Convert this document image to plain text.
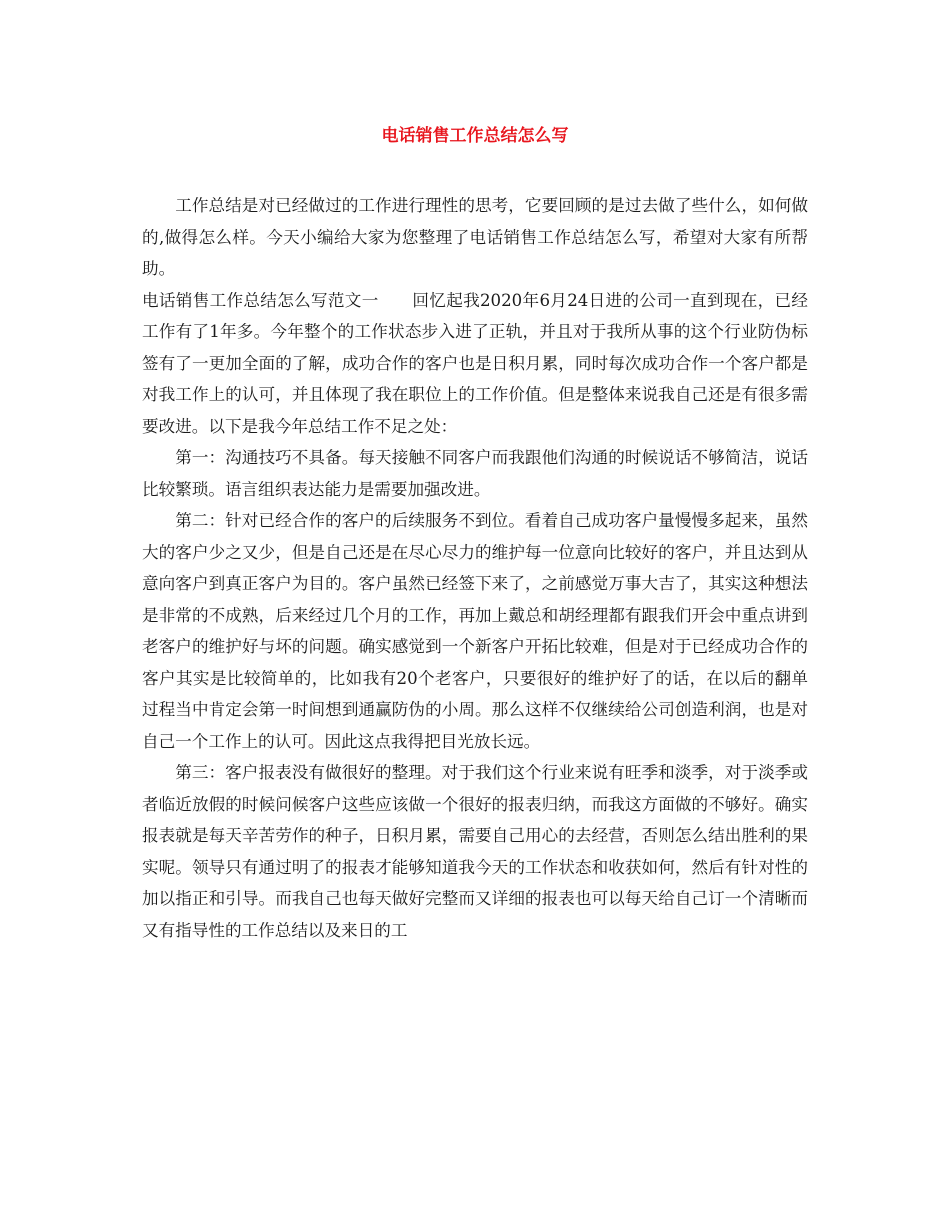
电话销售工作总结怎么写

工作总结是对已经做过的工作进行理性的思考，它要回顾的是过去做了些什么，如何做的,做得怎么样。今天小编给大家为您整理了电话销售工作总结怎么写，希望对大家有所帮助。

电话销售工作总结怎么写范文一　　 回忆起我2020年6月24日进的公司一直到现在，已经工作有了1年多。今年整个的工作状态步入进了正轨，并且对于我所从事的这个行业防伪标签有了一更加全面的了解，成功合作的客户也是日积月累，同时每次成功合作一个客户都是对我工作上的认可，并且体现了我在职位上的工作价值。但是整体来说我自己还是有很多需要改进。以下是我今年总结工作不足之处：

第一：沟通技巧不具备。每天接触不同客户而我跟他们沟通的时候说话不够简洁，说话比较繁琐。语言组织表达能力是需要加强改进。

第二：针对已经合作的客户的后续服务不到位。看着自己成功客户量慢慢多起来，虽然大的客户少之又少，但是自己还是在尽心尽力的维护每一位意向比较好的客户，并且达到从意向客户到真正客户为目的。客户虽然已经签下来了，之前感觉万事大吉了，其实这种想法是非常的不成熟，后来经过几个月的工作，再加上戴总和胡经理都有跟我们开会中重点讲到老客户的维护好与坏的问题。确实感觉到一个新客户开拓比较难，但是对于已经成功合作的客户其实是比较简单的，比如我有20个老客户，只要很好的维护好了的话，在以后的翻单过程当中肯定会第一时间想到通赢防伪的小周。那么这样不仅继续给公司创造利润，也是对自己一个工作上的认可。因此这点我得把目光放长远。

第三：客户报表没有做很好的整理。对于我们这个行业来说有旺季和淡季，对于淡季或者临近放假的时候问候客户这些应该做一个很好的报表归纳，而我这方面做的不够好。确实报表就是每天辛苦劳作的种子，日积月累，需要自己用心的去经营，否则怎么结出胜利的果实呢。领导只有通过明了的报表才能够知道我今天的工作状态和收获如何，然后有针对性的加以指正和引导。而我自己也每天做好完整而又详细的报表也可以每天给自己订一个清晰而又有指导性的工作总结以及来日的工
